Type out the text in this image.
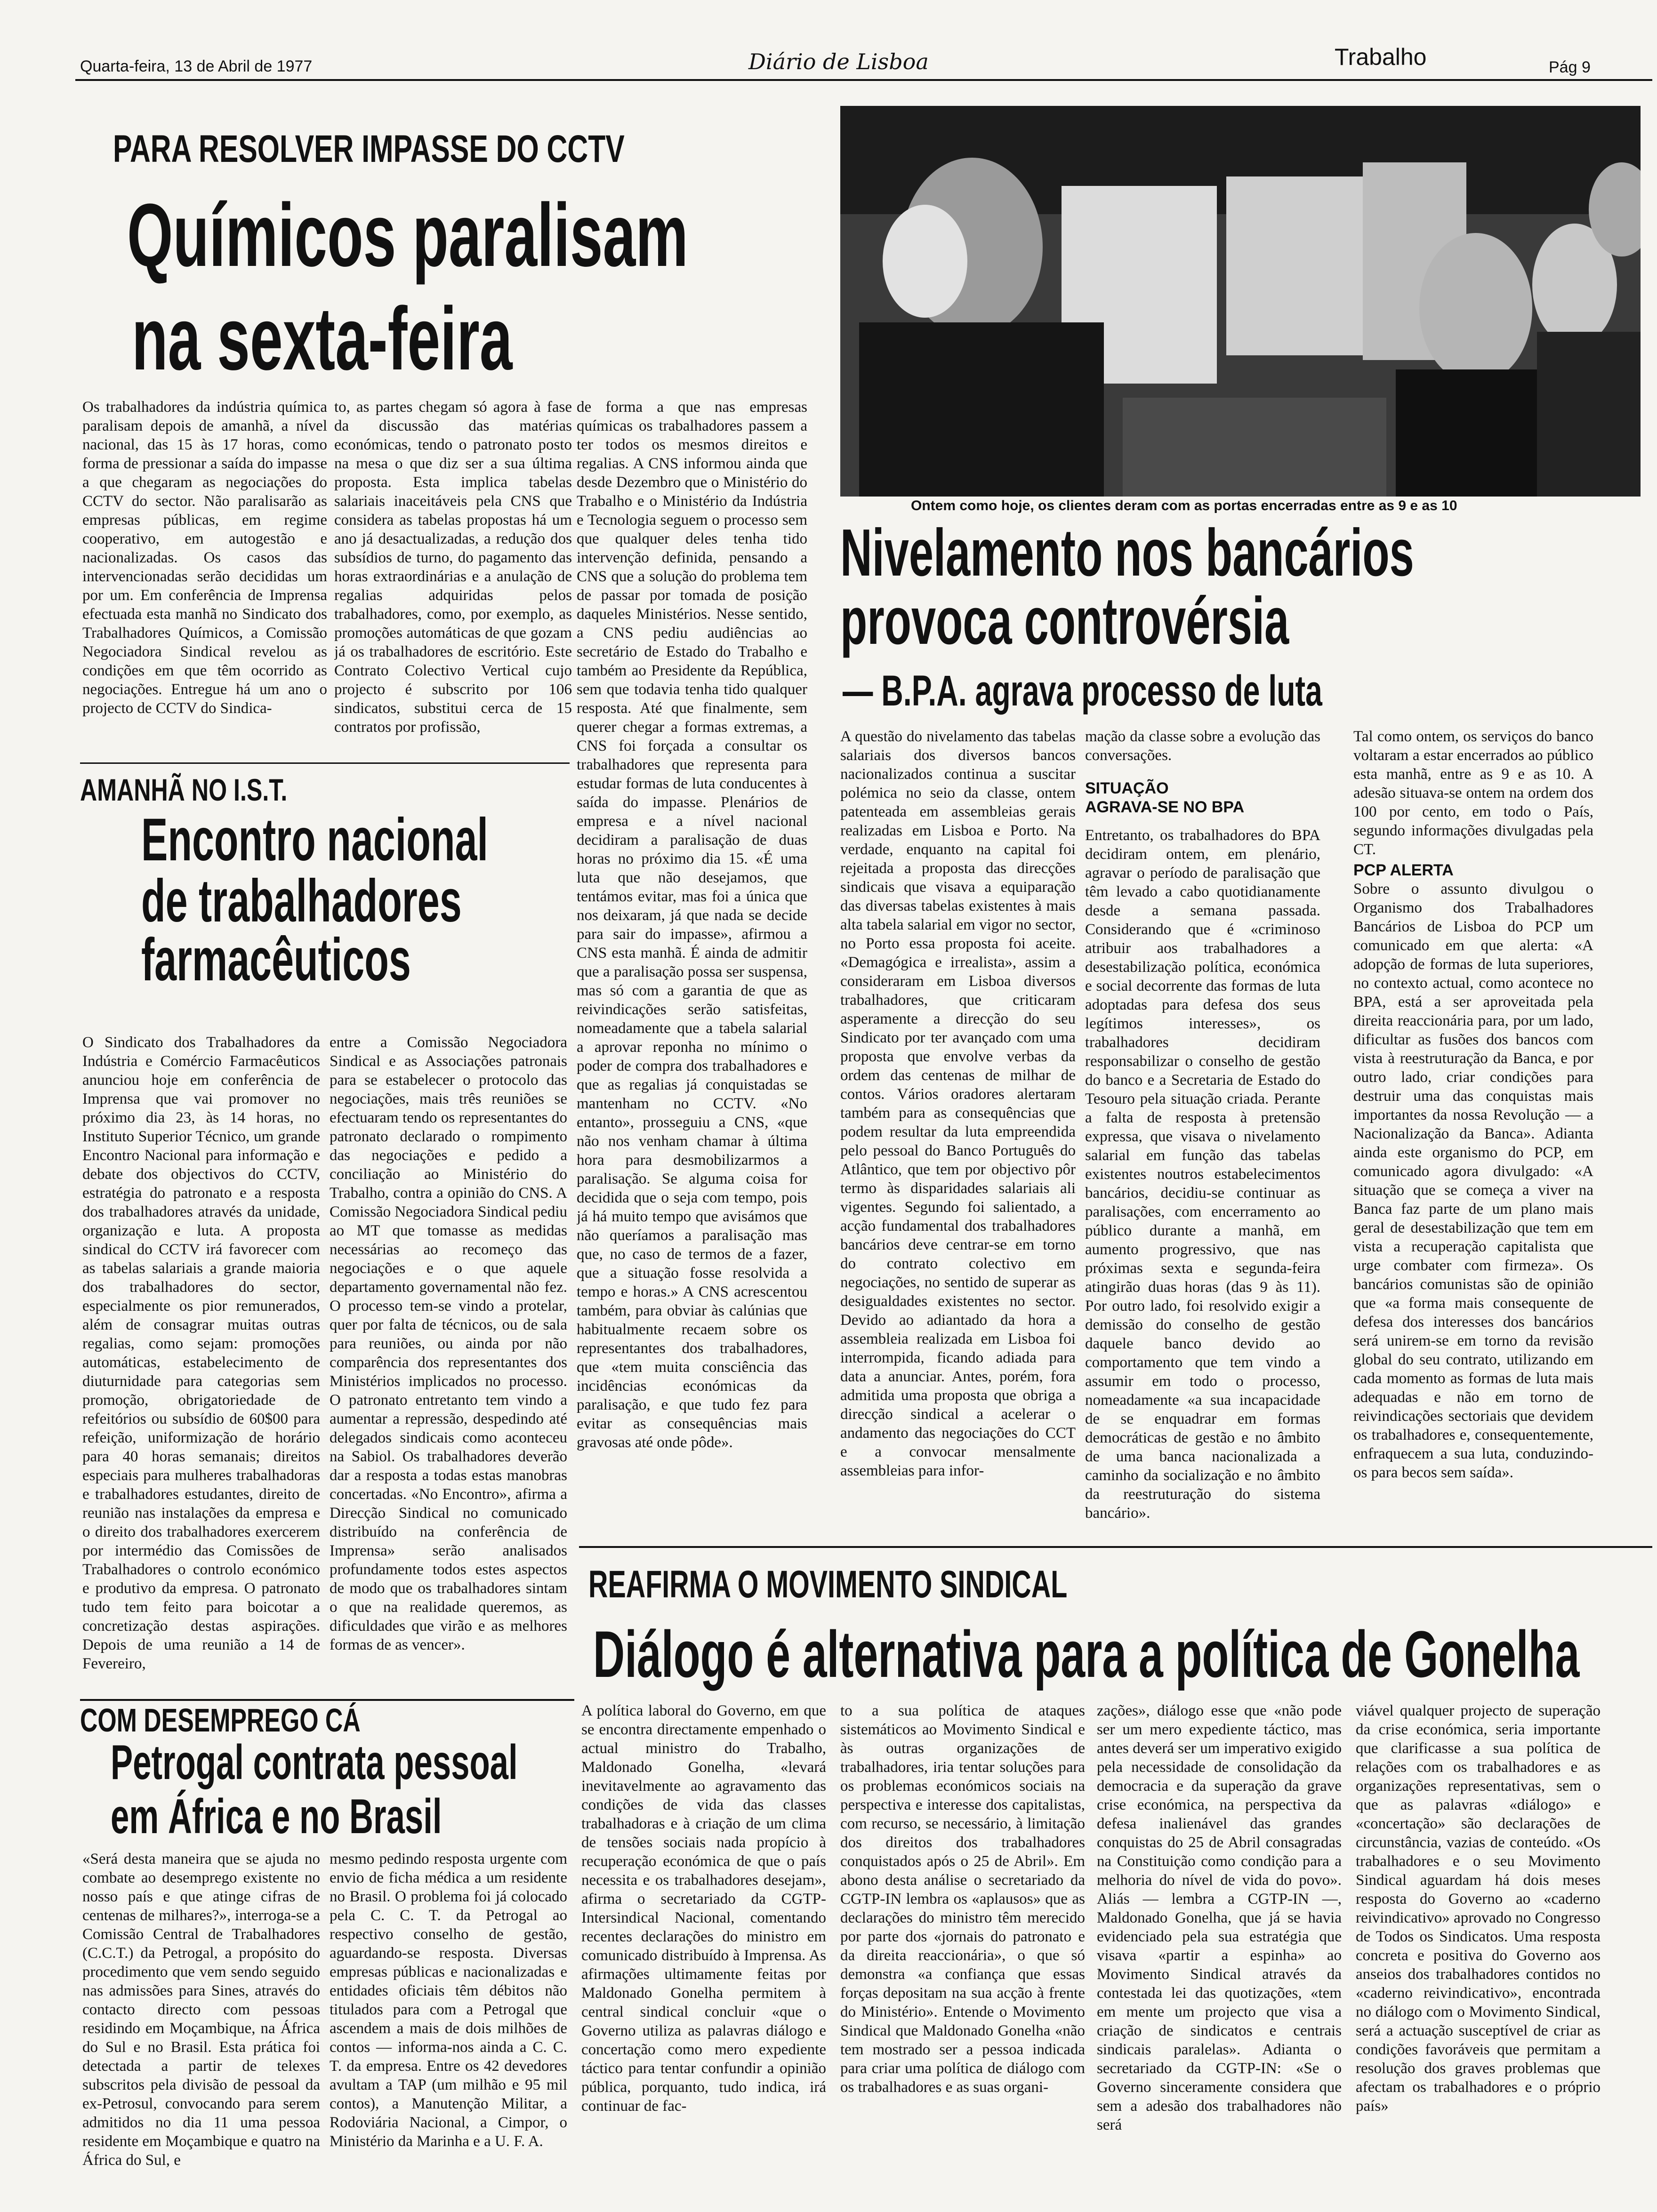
Quarta-feira, 13 de Abril de 1977	Diário de Lisboa	Trabalho	Pág 9
PARA RESOLVER IMPASSE DO CCTV
Químicos paralisam
na sexta-feira
Os trabalhadores da indústria química paralisam depois de amanhã, a nível nacional, das 15 às 17 horas, como forma de pressionar a saída do impasse a que chegaram as negociações do CCTV do sector. Não paralisarão as empresas públicas, em regime cooperativo, em autogestão e nacionalizadas. Os casos das intervencionadas serão decididas um por um. Em conferência de Imprensa efectuada esta manhã no Sindicato dos Trabalhadores Químicos, a Comissão Negociadora Sindical revelou as condições em que têm ocorrido as negociações. Entregue há um ano o projecto de CCTV do Sindica-
to, as partes chegam só agora à fase da discussão das matérias económicas, tendo o patronato posto na mesa o que diz ser a sua última proposta. Esta implica tabelas salariais inaceitáveis pela CNS que considera as tabelas propostas há um ano já desactualizadas, a redução dos subsídios de turno, do pagamento das horas extraordinárias e a anulação de regalias adquiridas pelos trabalhadores, como, por exemplo, as promoções automáticas de que gozam já os trabalhadores de escritório. Este Contrato Colectivo Vertical cujo projecto é subscrito por 106 sindicatos, substitui cerca de 15 contratos por profissão,
de forma a que nas empresas químicas os trabalhadores passem a ter todos os mesmos direitos e regalias. A CNS informou ainda que desde Dezembro que o Ministério do Trabalho e o Ministério da Indústria e Tecnologia seguem o processo sem que qualquer deles tenha tido intervenção definida, pensando a CNS que a solução do problema tem de passar por tomada de posição daqueles Ministérios. Nesse sentido, a CNS pediu audiências ao secretário de Estado do Trabalho e também ao Presidente da República, sem que todavia tenha tido qualquer resposta. Até que finalmente, sem querer chegar a formas extremas, a CNS foi forçada a consultar os trabalhadores que representa para estudar formas de luta conducentes à saída do impasse. Plenários de empresa e a nível nacional decidiram a paralisação de duas horas no próximo dia 15. «É uma luta que não desejamos, que tentámos evitar, mas foi a única que nos deixaram, já que nada se decide para sair do impasse», afirmou a CNS esta manhã. É ainda de admitir que a paralisação possa ser suspensa, mas só com a garantia de que as reivindicações serão satisfeitas, nomeadamente que a tabela salarial a aprovar reponha no mínimo o poder de compra dos trabalhadores e que as regalias já conquistadas se mantenham no CCTV. «No entanto», prosseguiu a CNS, «que não nos venham chamar à última hora para desmobilizarmos a paralisação. Se alguma coisa for decidida que o seja com tempo, pois já há muito tempo que avisámos que não queríamos a paralisação mas que, no caso de termos de a fazer, que a situação fosse resolvida a tempo e horas.» A CNS acrescentou também, para obviar às calúnias que habitualmente recaem sobre os representantes dos trabalhadores, que «tem muita consciência das incidências económicas da paralisação, e que tudo fez para evitar as consequências mais gravosas até onde pôde».
AMANHÃ NO I.S.T.
Encontro nacional
de trabalhadores
farmacêuticos
O Sindicato dos Trabalhadores da Indústria e Comércio Farmacêuticos anunciou hoje em conferência de Imprensa que vai promover no próximo dia 23, às 14 horas, no Instituto Superior Técnico, um grande Encontro Nacional para informação e debate dos objectivos do CCTV, estratégia do patronato e a resposta dos trabalhadores através da unidade, organização e luta. A proposta sindical do CCTV irá favorecer com as tabelas salariais a grande maioria dos trabalhadores do sector, especialmente os pior remunerados, além de consagrar muitas outras regalias, como sejam: promoções automáticas, estabelecimento de diuturnidade para categorias sem promoção, obrigatoriedade de refeitórios ou subsídio de 60$00 para refeição, uniformização de horário para 40 horas semanais; direitos especiais para mulheres trabalhadoras e trabalhadores estudantes, direito de reunião nas instalações da empresa e o direito dos trabalhadores exercerem por intermédio das Comissões de Trabalhadores o controlo económico e produtivo da empresa. O patronato tudo tem feito para boicotar a concretização destas aspirações. Depois de uma reunião a 14 de Fevereiro,
entre a Comissão Negociadora Sindical e as Associações patronais para se estabelecer o protocolo das negociações, mais três reuniões se efectuaram tendo os representantes do patronato declarado o rompimento das negociações e pedido a conciliação ao Ministério do Trabalho, contra a opinião do CNS. A Comissão Negociadora Sindical pediu ao MT que tomasse as medidas necessárias ao recomeço das negociações e o que aquele departamento governamental não fez. O processo tem-se vindo a protelar, quer por falta de técnicos, ou de sala para reuniões, ou ainda por não comparência dos representantes dos Ministérios implicados no processo. O patronato entretanto tem vindo a aumentar a repressão, despedindo até delegados sindicais como aconteceu na Sabiol. Os trabalhadores deverão dar a resposta a todas estas manobras concertadas. «No Encontro», afirma a Direcção Sindical no comunicado distribuído na conferência de Imprensa» serão analisados profundamente todos estes aspectos de modo que os trabalhadores sintam o que na realidade queremos, as dificuldades que virão e as melhores formas de as vencer».
COM DESEMPREGO CÁ
Petrogal contrata pessoal
em África e no Brasil
«Será desta maneira que se ajuda no combate ao desemprego existente no nosso país e que atinge cifras de centenas de milhares?», interroga-se a Comissão Central de Trabalhadores (C.C.T.) da Petrogal, a propósito do procedimento que vem sendo seguido nas admissões para Sines, através do contacto directo com pessoas residindo em Moçambique, na África do Sul e no Brasil. Esta prática foi detectada a partir de telexes subscritos pela divisão de pessoal da ex-Petrosul, convocando para serem admitidos no dia 11 uma pessoa residente em Moçambique e quatro na África do Sul, e
mesmo pedindo resposta urgente com envio de ficha médica a um residente no Brasil. O problema foi já colocado pela C. C. T. da Petrogal ao respectivo conselho de gestão, aguardando-se resposta. Diversas empresas públicas e nacionalizadas e entidades oficiais têm débitos não titulados para com a Petrogal que ascendem a mais de dois milhões de contos — informa-nos ainda a C. C. T. da empresa. Entre os 42 devedores avultam a TAP (um milhão e 95 mil contos), a Manutenção Militar, a Rodoviária Nacional, a Cimpor, o Ministério da Marinha e a U. F. A.
Ontem como hoje, os clientes deram com as portas encerradas entre as 9 e as 10
Nivelamento nos bancários
provoca controvérsia
— B.P.A. agrava processo de luta
A questão do nivelamento das tabelas salariais dos diversos bancos nacionalizados continua a suscitar polémica no seio da classe, ontem patenteada em assembleias gerais realizadas em Lisboa e Porto. Na verdade, enquanto na capital foi rejeitada a proposta das direcções sindicais que visava a equiparação das diversas tabelas existentes à mais alta tabela salarial em vigor no sector, no Porto essa proposta foi aceite. «Demagógica e irrealista», assim a consideraram em Lisboa diversos trabalhadores, que criticaram asperamente a direcção do seu Sindicato por ter avançado com uma proposta que envolve verbas da ordem das centenas de milhar de contos. Vários oradores alertaram também para as consequências que podem resultar da luta empreendida pelo pessoal do Banco Português do Atlântico, que tem por objectivo pôr termo às disparidades salariais ali vigentes. Segundo foi salientado, a acção fundamental dos trabalhadores bancários deve centrar-se em torno do contrato colectivo em negociações, no sentido de superar as desigualdades existentes no sector. Devido ao adiantado da hora a assembleia realizada em Lisboa foi interrompida, ficando adiada para data a anunciar. Antes, porém, fora admitida uma proposta que obriga a direcção sindical a acelerar o andamento das negociações do CCT e a convocar mensalmente assembleias para infor-
mação da classe sobre a evolução das conversações.
SITUAÇÃO
AGRAVA-SE NO BPA
Entretanto, os trabalhadores do BPA decidiram ontem, em plenário, agravar o período de paralisação que têm levado a cabo quotidianamente desde a semana passada. Considerando que é «criminoso atribuir aos trabalhadores a desestabilização política, económica e social decorrente das formas de luta adoptadas para defesa dos seus legítimos interesses», os trabalhadores decidiram responsabilizar o conselho de gestão do banco e a Secretaria de Estado do Tesouro pela situação criada. Perante a falta de resposta à pretensão expressa, que visava o nivelamento salarial em função das tabelas existentes noutros estabelecimentos bancários, decidiu-se continuar as paralisações, com encerramento ao público durante a manhã, em aumento progressivo, que nas próximas sexta e segunda-feira atingirão duas horas (das 9 às 11). Por outro lado, foi resolvido exigir a demissão do conselho de gestão daquele banco devido ao comportamento que tem vindo a assumir em todo o processo, nomeadamente «a sua incapacidade de se enquadrar em formas democráticas de gestão e no âmbito de uma banca nacionalizada a caminho da socialização e no âmbito da reestruturação do sistema bancário».
Tal como ontem, os serviços do banco voltaram a estar encerrados ao público esta manhã, entre as 9 e as 10. A adesão situava-se ontem na ordem dos 100 por cento, em todo o País, segundo informações divulgadas pela CT.
PCP ALERTA
Sobre o assunto divulgou o Organismo dos Trabalhadores Bancários de Lisboa do PCP um comunicado em que alerta: «A adopção de formas de luta superiores, no contexto actual, como acontece no BPA, está a ser aproveitada pela direita reaccionária para, por um lado, dificultar as fusões dos bancos com vista à reestruturação da Banca, e por outro lado, criar condições para destruir uma das conquistas mais importantes da nossa Revolução — a Nacionalização da Banca». Adianta ainda este organismo do PCP, em comunicado agora divulgado: «A situação que se começa a viver na Banca faz parte de um plano mais geral de desestabilização que tem em vista a recuperação capitalista que urge combater com firmeza». Os bancários comunistas são de opinião que «a forma mais consequente de defesa dos interesses dos bancários será unirem-se em torno da revisão global do seu contrato, utilizando em cada momento as formas de luta mais adequadas e não em torno de reivindicações sectoriais que devidem os trabalhadores e, consequentemente, enfraquecem a sua luta, conduzindo-os para becos sem saída».
REAFIRMA O MOVIMENTO SINDICAL
Diálogo é alternativa para a política de Gonelha
A política laboral do Governo, em que se encontra directamente empenhado o actual ministro do Trabalho, Maldonado Gonelha, «levará inevitavelmente ao agravamento das condições de vida das classes trabalhadoras e à criação de um clima de tensões sociais nada propício à recuperação económica de que o país necessita e os trabalhadores desejam», afirma o secretariado da CGTP-Intersindical Nacional, comentando recentes declarações do ministro em comunicado distribuído à Imprensa. As afirmações ultimamente feitas por Maldonado Gonelha permitem à central sindical concluir «que o Governo utiliza as palavras diálogo e concertação como mero expediente táctico para tentar confundir a opinião pública, porquanto, tudo indica, irá continuar de fac-
to a sua política de ataques sistemáticos ao Movimento Sindical e às outras organizações de trabalhadores, iria tentar soluções para os problemas económicos sociais na perspectiva e interesse dos capitalistas, com recurso, se necessário, à limitação dos direitos dos trabalhadores conquistados após o 25 de Abril». Em abono desta análise o secretariado da CGTP-IN lembra os «aplausos» que as declarações do ministro têm merecido por parte dos «jornais do patronato e da direita reaccionária», o que só demonstra «a confiança que essas forças depositam na sua acção à frente do Ministério». Entende o Movimento Sindical que Maldonado Gonelha «não tem mostrado ser a pessoa indicada para criar uma política de diálogo com os trabalhadores e as suas organi-
zações», diálogo esse que «não pode ser um mero expediente táctico, mas antes deverá ser um imperativo exigido pela necessidade de consolidação da democracia e da superação da grave crise económica, na perspectiva da defesa inalienável das grandes conquistas do 25 de Abril consagradas na Constituição como condição para a melhoria do nível de vida do povo». Aliás — lembra a CGTP-IN —, Maldonado Gonelha, que já se havia evidenciado pela sua estratégia que visava «partir a espinha» ao Movimento Sindical através da contestada lei das quotizações, «tem em mente um projecto que visa a criação de sindicatos e centrais sindicais paralelas». Adianta o secretariado da CGTP-IN: «Se o Governo sinceramente considera que sem a adesão dos trabalhadores não será
viável qualquer projecto de superação da crise económica, seria importante que clarificasse a sua política de relações com os trabalhadores e as organizações representativas, sem o que as palavras «diálogo» e «concertação» são declarações de circunstância, vazias de conteúdo. «Os trabalhadores e o seu Movimento Sindical aguardam há dois meses resposta do Governo ao «caderno reivindicativo» aprovado no Congresso de Todos os Sindicatos. Uma resposta concreta e positiva do Governo aos anseios dos trabalhadores contidos no «caderno reivindicativo», encontrada no diálogo com o Movimento Sindical, será a actuação susceptível de criar as condições favoráveis que permitam a resolução dos graves problemas que afectam os trabalhadores e o próprio país»
